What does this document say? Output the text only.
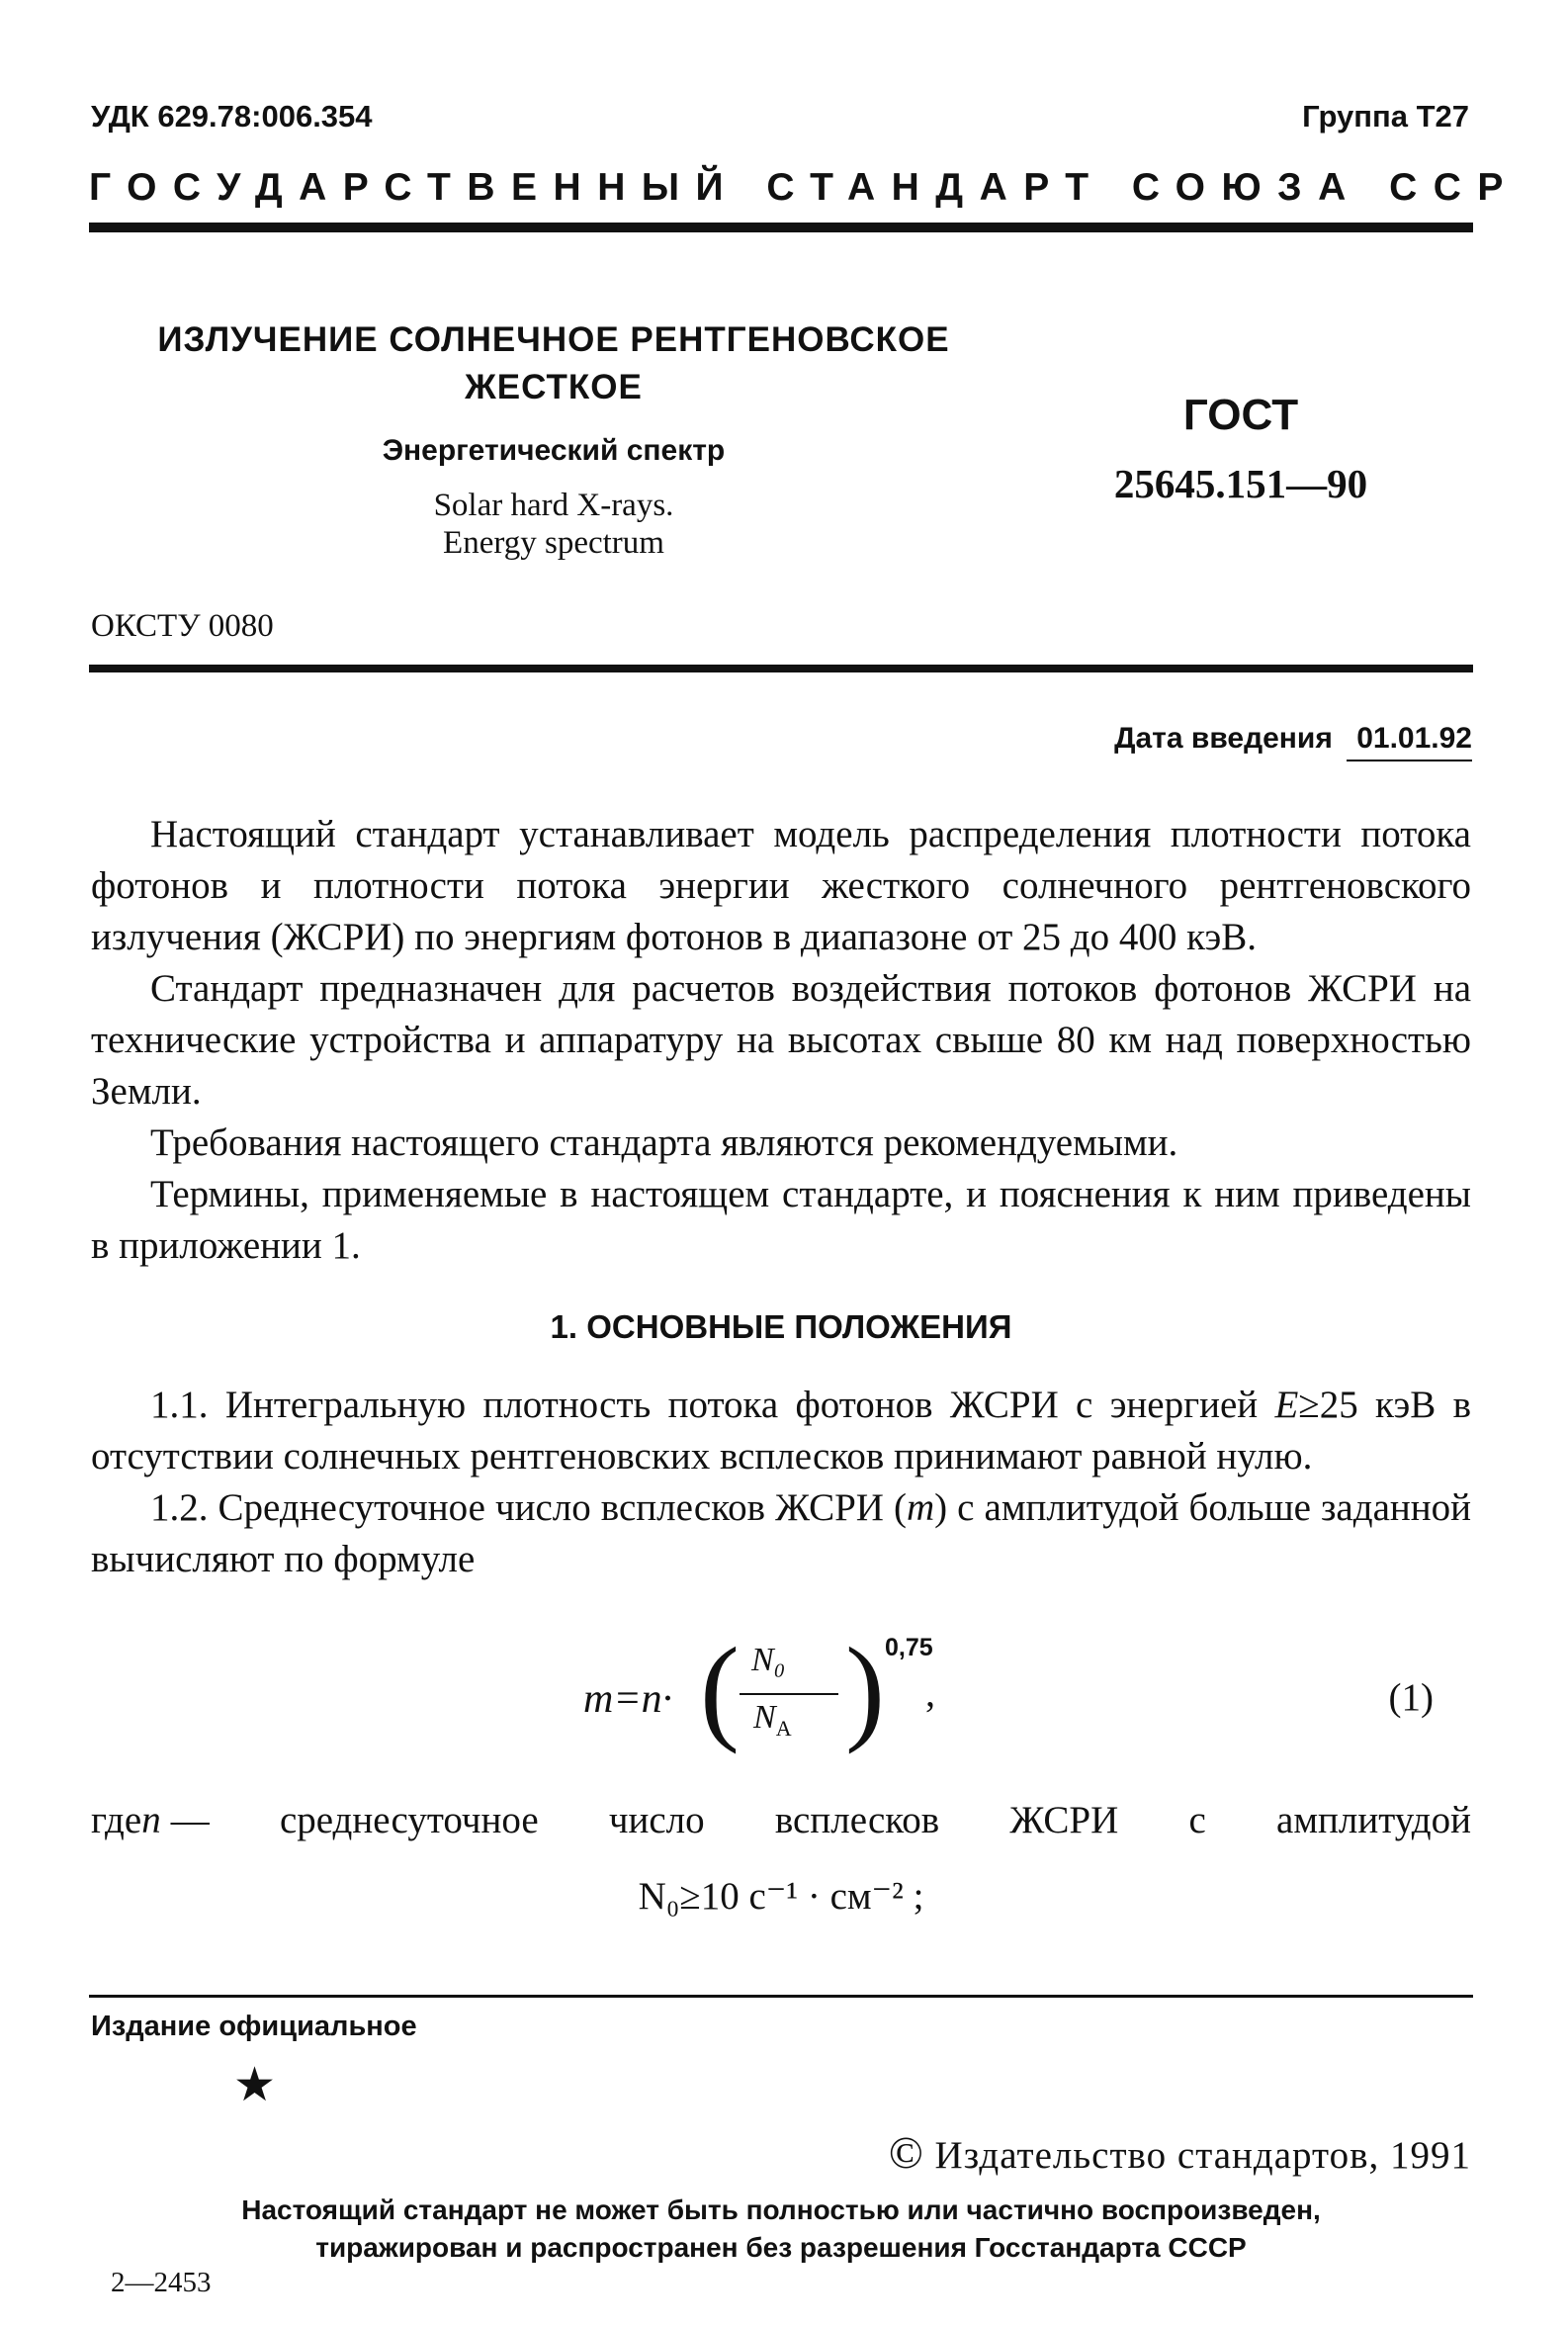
УДК 629.78:006.354	Группа Т27
ГОСУДАРСТВЕННЫЙ СТАНДАРТ СОЮЗА ССР
ИЗЛУЧЕНИЕ СОЛНЕЧНОЕ РЕНТГЕНОВСКОЕ
ЖЕСТКОЕ
Энергетический спектр
Solar hard X-rays.
Energy spectrum
ГОСТ
25645.151—90
ОКСТУ 0080
Дата введения 01.01.92

Настоящий стандарт устанавливает модель распределения плотности потока фотонов и плотности потока энергии жесткого солнечного рентгеновского излучения (ЖСРИ) по энергиям фотонов в диапазоне от 25 до 400 кэВ.

Стандарт предназначен для расчетов воздействия потоков фотонов ЖСРИ на технические устройства и аппаратуру на высотах свыше 80 км над поверхностью Земли.

Требования настоящего стандарта являются рекомендуемыми.

Термины, применяемые в настоящем стандарте, и пояснения к ним приведены в приложении 1.

1. ОСНОВНЫЕ ПОЛОЖЕНИЯ

1.1. Интегральную плотность потока фотонов ЖСРИ с энергией E≥25 кэВ в отсутствии солнечных рентгеновских всплесков принимают равной нулю.

1.2. Среднесуточное число всплесков ЖСРИ (m) с амплитудой больше заданной вычисляют по формуле

m=n· ( N₀
$N_A$ ) 0,75
,	(1)
где n — среднесуточное число всплесков ЖСРИ с амплитудой
N₀≥10 с⁻¹ · см⁻² ;
Издание официальное
★
© Издательство стандартов, 1991
Настоящий стандарт не может быть полностью или частично воспроизведен,
тиражирован и распространен без разрешения Госстандарта СССР
2—2453
